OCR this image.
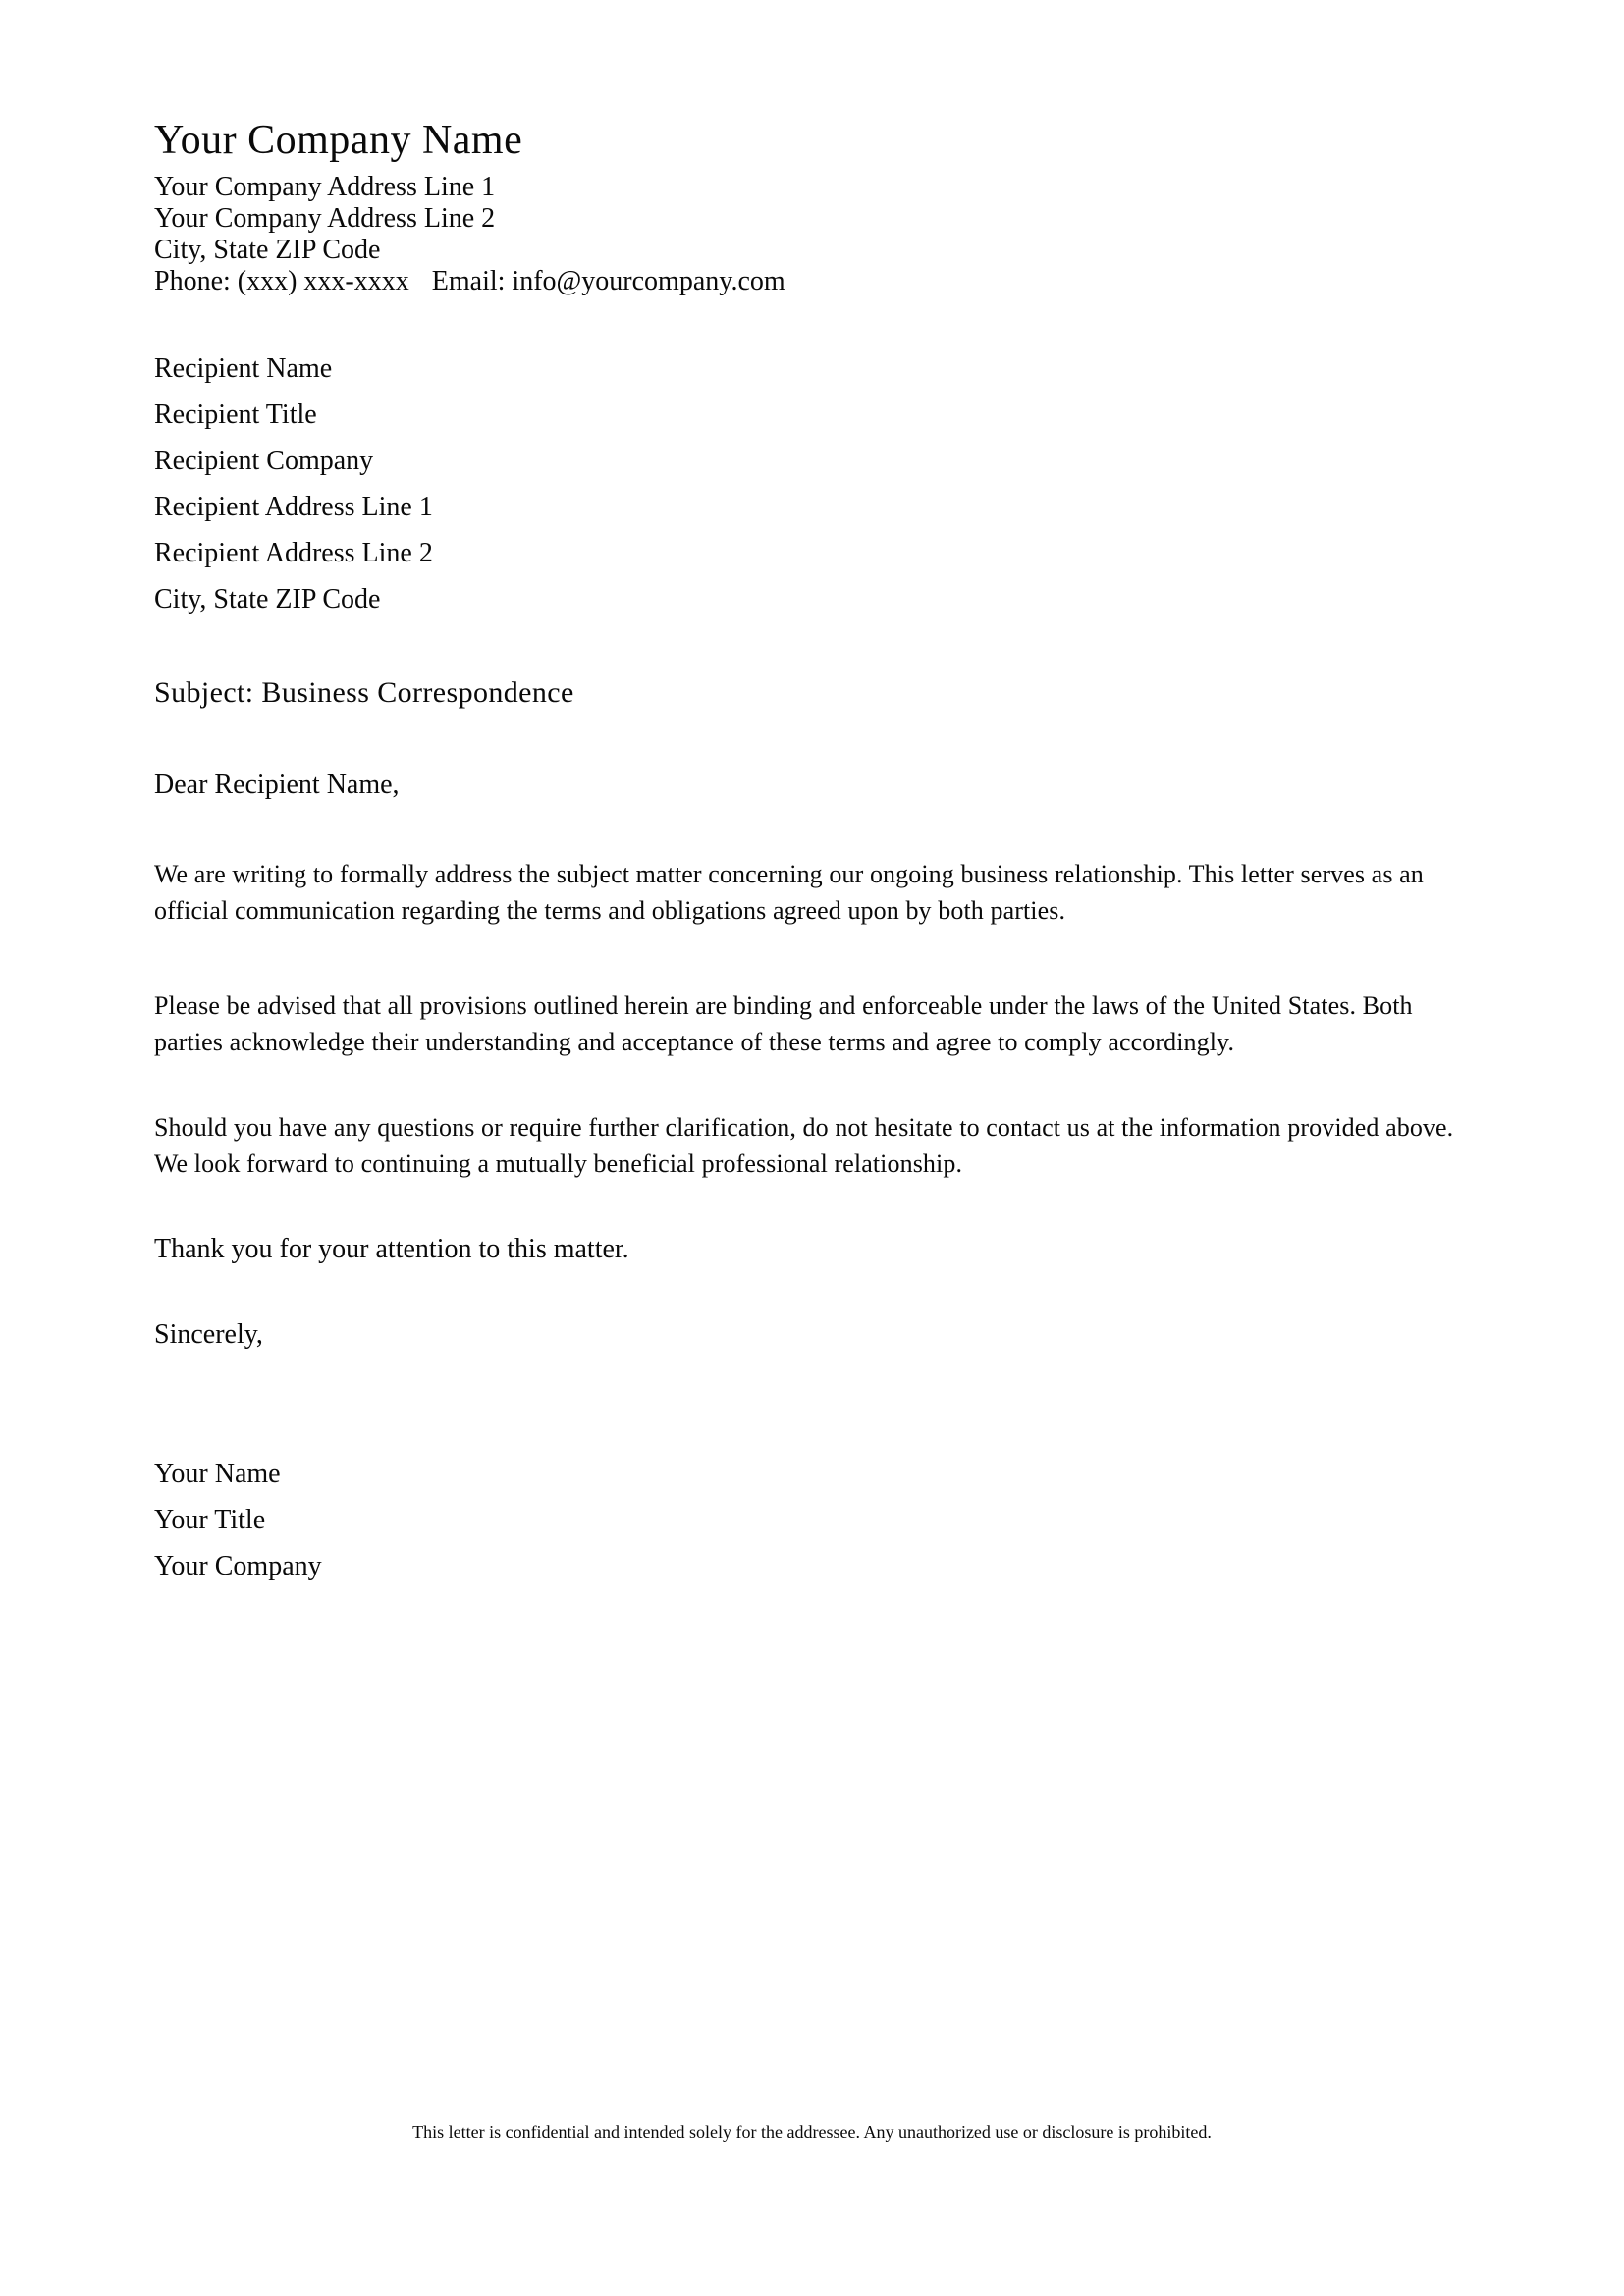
Your Company Name
Your Company Address Line 1
Your Company Address Line 2
City, State ZIP Code
Phone: (xxx) xxx-xxxx Email: info@yourcompany.com
Recipient Name
Recipient Title
Recipient Company
Recipient Address Line 1
Recipient Address Line 2
City, State ZIP Code
Subject: Business Correspondence
Dear Recipient Name,

We are writing to formally address the subject matter concerning our ongoing business relationship. This letter serves as an official communication regarding the terms and obligations agreed upon by both parties.

Please be advised that all provisions outlined herein are binding and enforceable under the laws of the United States. Both parties acknowledge their understanding and acceptance of these terms and agree to comply accordingly.

Should you have any questions or require further clarification, do not hesitate to contact us at the information provided above. We look forward to continuing a mutually beneficial professional relationship.

Thank you for your attention to this matter.
Sincerely,
Your Name
Your Title
Your Company
This letter is confidential and intended solely for the addressee. Any unauthorized use or disclosure is prohibited.
